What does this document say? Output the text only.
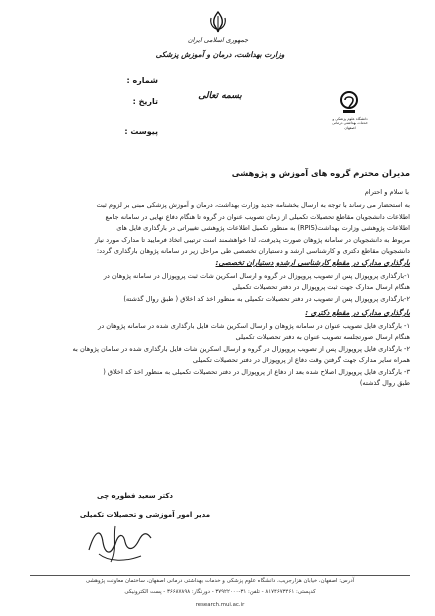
جمهوری اسلامی ایران
وزارت بهداشت، درمان و آموزش پزشکی
شماره :
بسمه تعالی
تاریخ :
پیوست :
دانشگاه علوم پزشکی و خدمات بهداشتی درمانی اصفهان
مدیران محترم گروه های آموزش و پژوهشی
با سلام و احترام
به استحضار می رساند با توجه به ارسال بخشنامه جدید وزارت بهداشت، درمان و آموزش پزشکی مبنی بر لزوم ثبت
اطلاعات دانشجویان مقاطع تحصیلات تکمیلی از زمان تصویب عنوان در گروه تا هنگام دفاع نهایی در سامانه جامع
اطلاعات پژوهشی وزارت بهداشت(RPIS) به منظور تکمیل اطلاعات پژوهشی تغییراتی در بارگذاری فایل های
مربوط به دانشجویان در سامانه پژوهان صورت پذیرفت، لذا خواهشمند است ترتیبی اتخاذ فرمایید تا مدارک مورد نیاز
دانشجویان مقاطع دکتری و کارشناسی ارشد و دستیاران تخصصی طی مراحل زیر در سامانه پژوهان بارگذاری گردد:
بارگذاری مدارک در مقطع کارشناسی ارشدو دستیاران تخصصی:
۱-بارگذاری پروپوزال پس از تصویب پروپوزال در گروه و ارسال اسکرین شات ثبت پروپوزال در سامانه پژوهان در
هنگام ارسال مدارک جهت ثبت پروپوزال در دفتر تحصیلات تکمیلی
۲-بارگذاری پروپوزال پس از تصویب در دفتر تحصیلات تکمیلی به منظور اخذ کد اخلاق ( طبق روال گذشته)
بارگذاری مدارک در مقطع دکتری :
۱- بارگذاری فایل تصویب عنوان در سامانه پژوهان و ارسال اسکرین شات فایل بارگذاری شده در سامانه پژوهان در
هنگام ارسال صورتجلسه تصویب عنوان به دفتر تحصیلات تکمیلی
۲- بارگذاری فایل پروپوزال پس از تصویب پروپوزال در گروه و ارسال اسکرین شات فایل بارگذاری شده در سامان پژوهان به
همراه سایر مدارک جهت گرفتن وقت دفاع از پروپوزال در دفتر تحصیلات تکمیلی
۳- بارگذاری فایل پروپوزال اصلاح شده بعد از دفاع از پروپوزال در دفتر تحصیلات تکمیلی به منظور اخذ کد اخلاق (
طبق روال گذشته)
دکتر سعید فطوره چی
مدیر امور آموزشی و تحصیلات تکمیلی
آدرس: اصفهان، خیابان هزارجریب، دانشگاه علوم پزشکی و خدمات بهداشتی درمانی اصفهان، ساختمان معاونت پژوهشی
کدپستی: ۸۱۷۴۶۷۳۴۶۱ - تلفن: ۳۱-۳۷۹۲۲۰۰۰ - دورنگار: ۳۶۶۸۷۸۹۸ - پست الکترونیکی
research.mui.ac.ir
